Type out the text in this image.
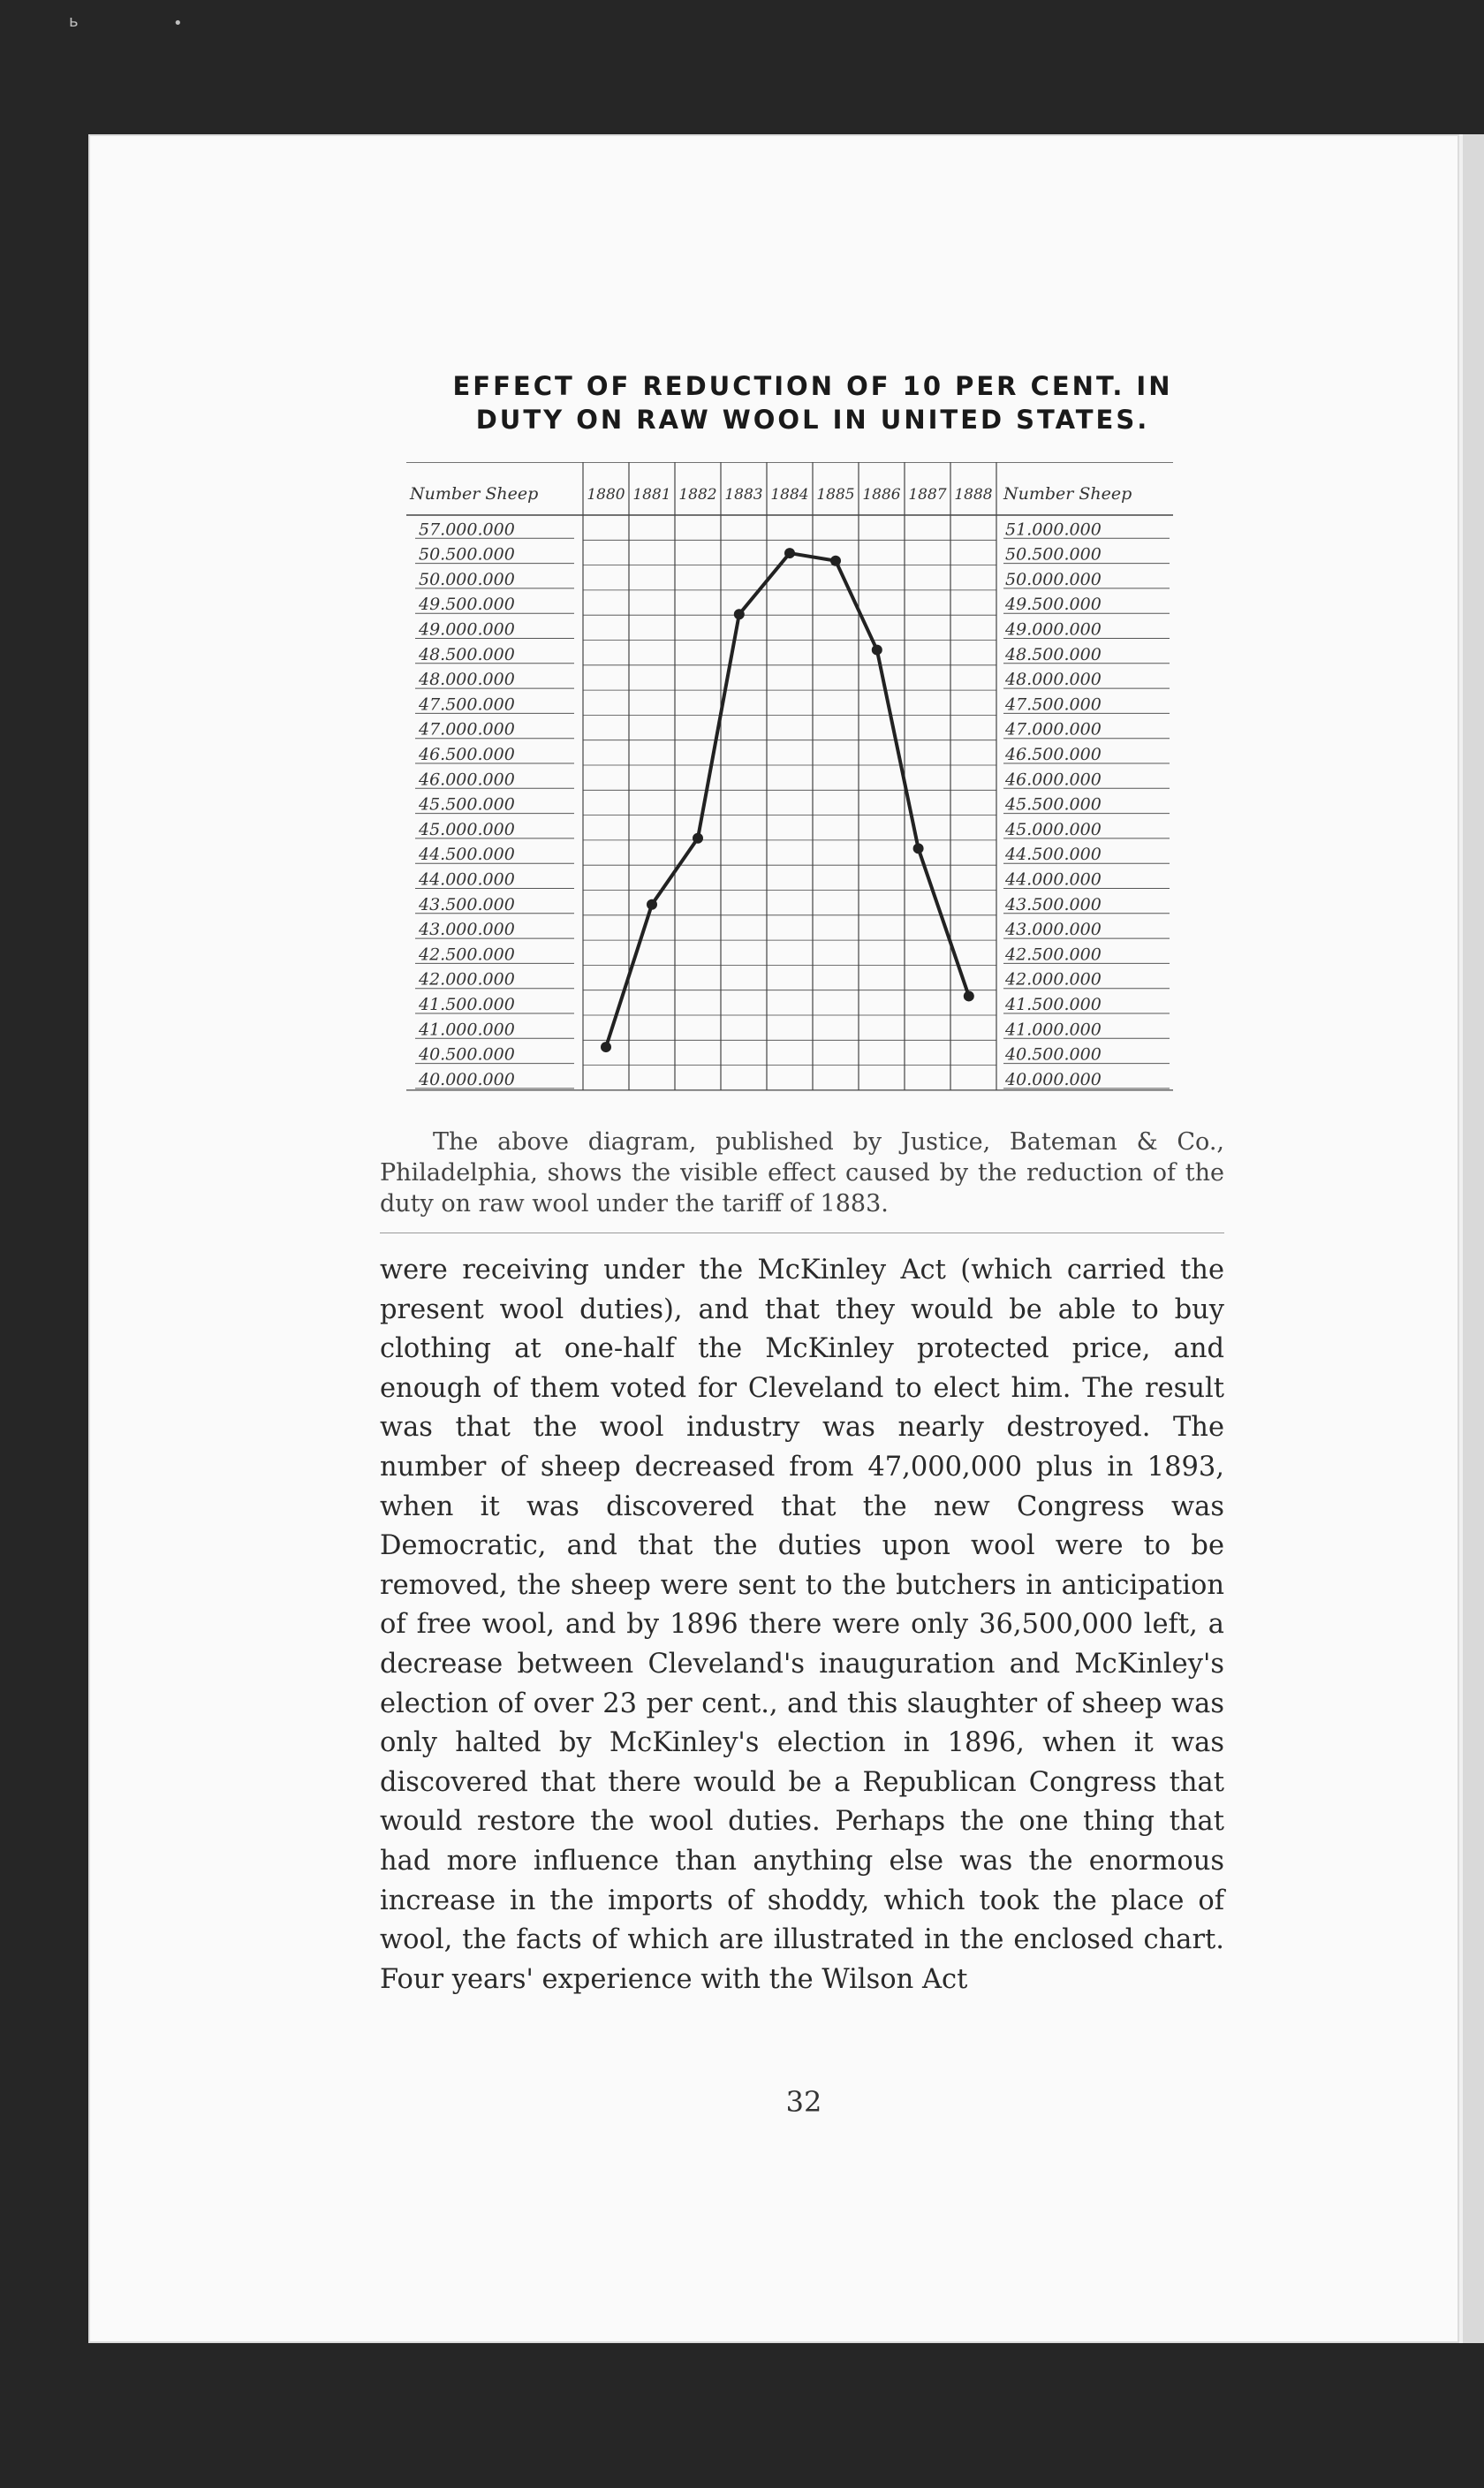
ь	•
EFFECT OF REDUCTION OF 10 PER CENT. IN
DUTY ON RAW WOOL IN UNITED STATES.
Number Sheep	Number Sheep
1880 1881 1882 1883 1884 1885 1886 1887 1888
57.000.000
50.500.000
50.000.000
49.500.000
49.000.000
48.500.000
48.000.000
47.500.000
47.000.000
46.500.000
46.000.000
45.500.000
45.000.000
44.500.000
44.000.000
43.500.000
43.000.000
42.500.000
42.000.000
41.500.000
41.000.000
40.500.000
40.000.000
51.000.000
50.500.000
50.000.000
49.500.000
49.000.000
48.500.000
48.000.000
47.500.000
47.000.000
46.500.000
46.000.000
45.500.000
45.000.000
44.500.000
44.000.000
43.500.000
43.000.000
42.500.000
42.000.000
41.500.000
41.000.000
40.500.000
40.000.000
The above diagram, published by Justice, Bateman & Co., Philadelphia, shows the visible effect caused by the reduction of the duty on raw wool under the tariff of 1883.
were receiving under the McKinley Act (which carried the present wool duties), and that they would be able to buy clothing at one-half the McKinley protected price, and enough of them voted for Cleveland to elect him. The result was that the wool industry was nearly destroyed. The number of sheep decreased from 47,000,000 plus in 1893, when it was discovered that the new Congress was Democratic, and that the duties upon wool were to be removed, the sheep were sent to the butchers in anticipation of free wool, and by 1896 there were only 36,500,000 left, a decrease between Cleveland's inauguration and McKinley's election of over 23 per cent., and this slaughter of sheep was only halted by McKinley's election in 1896, when it was discovered that there would be a Republican Congress that would restore the wool duties. Perhaps the one thing that had more influence than anything else was the enormous increase in the imports of shoddy, which took the place of wool, the facts of which are illustrated in the enclosed chart. Four years' experience with the Wilson Act
32
